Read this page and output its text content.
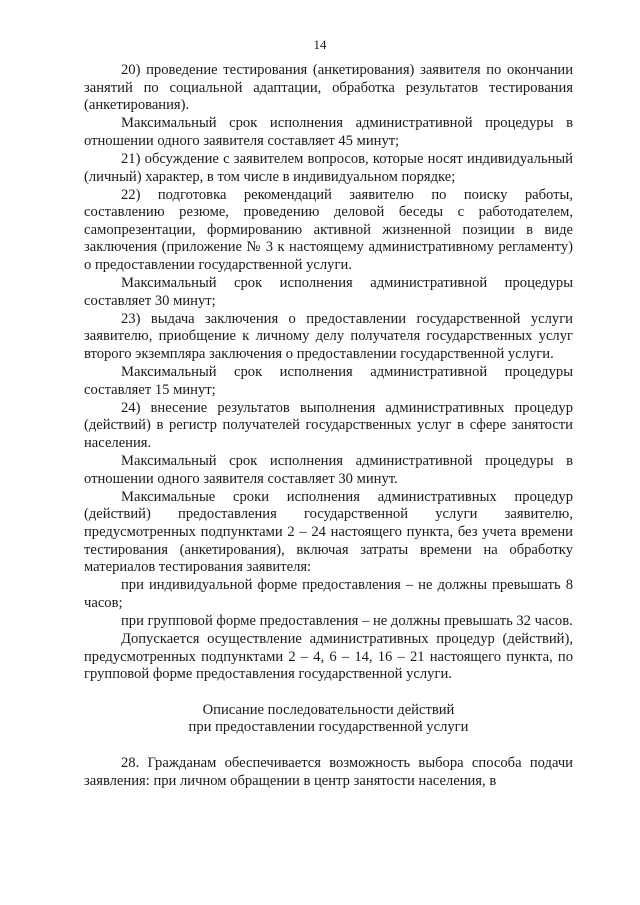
14

20) проведение тестирования (анкетирования) заявителя по окончании занятий по социальной адаптации, обработка результатов тестирования (анкетирования).

Максимальный срок исполнения административной процедуры в отношении одного заявителя составляет 45 минут;

21) обсуждение с заявителем вопросов, которые носят индивидуальный (личный) характер, в том числе в индивидуальном порядке;

22) подготовка рекомендаций заявителю по поиску работы, составлению резюме, проведению деловой беседы с работодателем, самопрезентации, формированию активной жизненной позиции в виде заключения (приложение № 3 к настоящему административному регламенту) о предоставлении государственной услуги.

Максимальный срок исполнения административной процедуры составляет 30 минут;

23) выдача заключения о предоставлении государственной услуги заявителю, приобщение к личному делу получателя государственных услуг второго экземпляра заключения о предоставлении государственной услуги.

Максимальный срок исполнения административной процедуры составляет 15 минут;

24) внесение результатов выполнения административных процедур (действий) в регистр получателей государственных услуг в сфере занятости населения.

Максимальный срок исполнения административной процедуры в отношении одного заявителя составляет 30 минут.

Максимальные сроки исполнения административных процедур (действий) предоставления государственной услуги заявителю, предусмотренных подпунктами 2 – 24 настоящего пункта, без учета времени тестирования (анкетирования), включая затраты времени на обработку материалов тестирования заявителя:

при индивидуальной форме предоставления – не должны превышать 8 часов;

при групповой форме предоставления – не должны превышать 32 часов.

Допускается осуществление административных процедур (действий), предусмотренных подпунктами 2 – 4, 6 – 14, 16 – 21 настоящего пункта, по групповой форме предоставления государственной услуги.

Описание последовательности действий
при предоставлении государственной услуги

28. Гражданам обеспечивается возможность выбора способа подачи заявления: при личном обращении в центр занятости населения, в
